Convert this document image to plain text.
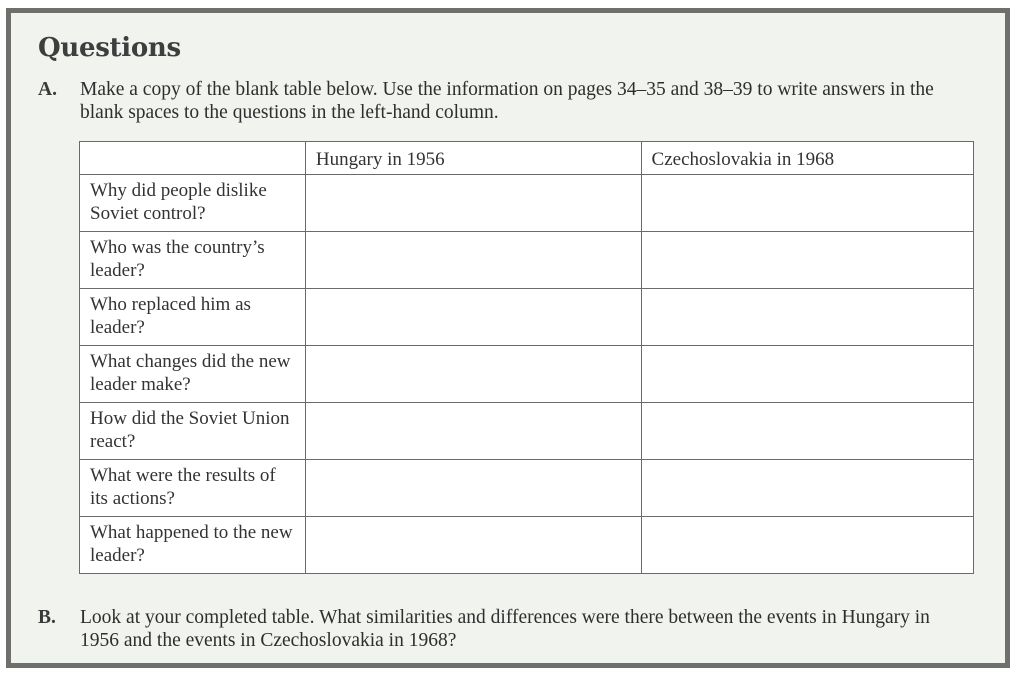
Questions
A. Make a copy of the blank table below. Use the information on pages 34–35 and 38–39 to write answers in the blank spaces to the questions in the left-hand column.
	Hungary in 1956	Czechoslovakia in 1968
Why did people dislike Soviet control?		
Who was the country’s leader?		
Who replaced him as leader?		
What changes did the new leader make?		
How did the Soviet Union react?		
What were the results of its actions?		
What happened to the new leader?		
B. Look at your completed table. What similarities and differences were there between the events in Hungary in 1956 and the events in Czechoslovakia in 1968?
